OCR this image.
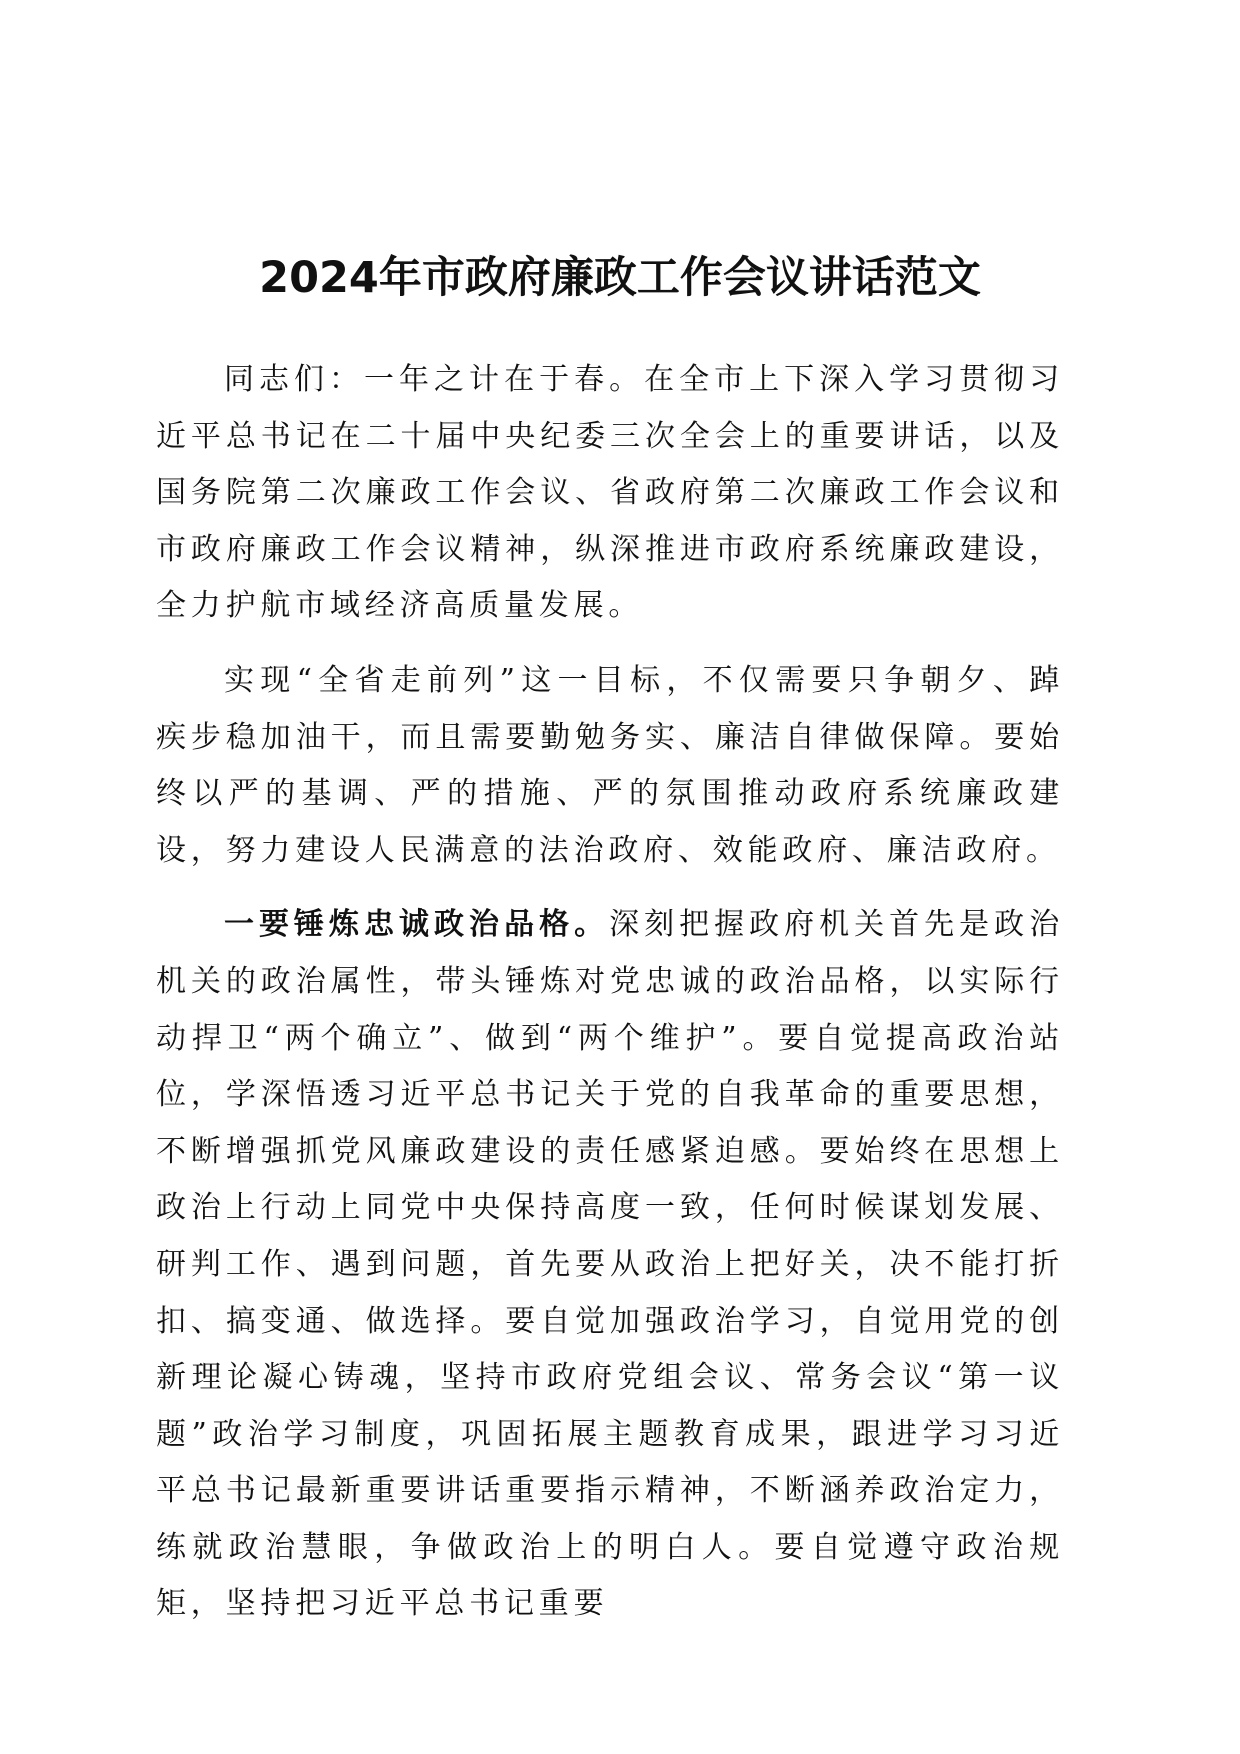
2024年市政府廉政工作会议讲话范文

同志们：一年之计在于春。在全市上下深入学习贯彻习近平总书记在二十届中央纪委三次全会上的重要讲话，以及国务院第二次廉政工作会议、省政府第二次廉政工作会议和市政府廉政工作会议精神，纵深推进市政府系统廉政建设，全力护航市域经济高质量发展。

实现“全省走前列”这一目标，不仅需要只争朝夕、踔疾步稳加油干，而且需要勤勉务实、廉洁自律做保障。要始终以严的基调、严的措施、严的氛围推动政府系统廉政建设，努力建设人民满意的法治政府、效能政府、廉洁政府。

一要锤炼忠诚政治品格。深刻把握政府机关首先是政治机关的政治属性，带头锤炼对党忠诚的政治品格，以实际行动捍卫“两个确立”、做到“两个维护”。要自觉提高政治站位，学深悟透习近平总书记关于党的自我革命的重要思想，不断增强抓党风廉政建设的责任感紧迫感。要始终在思想上政治上行动上同党中央保持高度一致，任何时候谋划发展、研判工作、遇到问题，首先要从政治上把好关，决不能打折扣、搞变通、做选择。要自觉加强政治学习，自觉用党的创新理论凝心铸魂，坚持市政府党组会议、常务会议“第一议题”政治学习制度，巩固拓展主题教育成果，跟进学习习近平总书记最新重要讲话重要指示精神，不断涵养政治定力，练就政治慧眼，争做政治上的明白人。要自觉遵守政治规矩，坚持把习近平总书记重要
